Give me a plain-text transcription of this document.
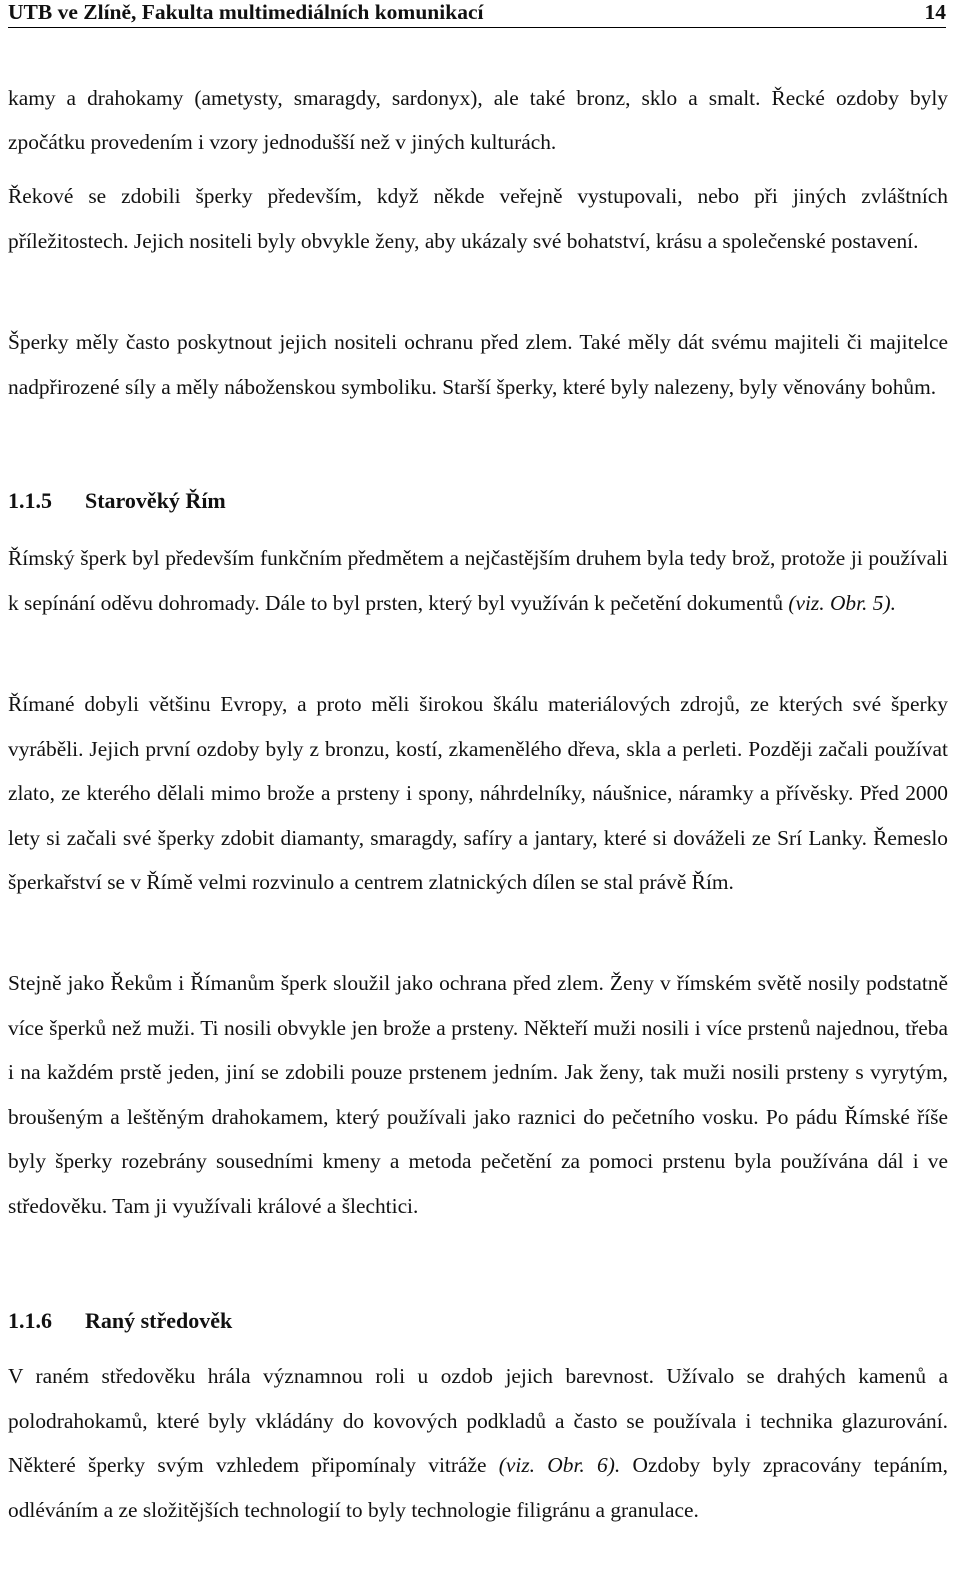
UTB ve Zlíně, Fakulta multimediálních komunikací	14

kamy a drahokamy (ametysty, smaragdy, sardonyx), ale také bronz, sklo a smalt. Řecké ozdoby byly zpočátku provedením i vzory jednodušší než v jiných kulturách.

Řekové se zdobili šperky především, když někde veřejně vystupovali, nebo při jiných zvláštních příležitostech. Jejich nositeli byly obvykle ženy, aby ukázaly své bohatství, krásu a společenské postavení.

Šperky měly často poskytnout jejich nositeli ochranu před zlem. Také měly dát svému majiteli či majitelce nadpřirozené síly a měly náboženskou symboliku. Starší šperky, které byly nalezeny, byly věnovány bohům.

1.1.5 Starověký Řím

Římský šperk byl především funkčním předmětem a nejčastějším druhem byla tedy brož, protože ji používali k sepínání oděvu dohromady. Dále to byl prsten, který byl využíván k pečetění dokumentů (viz. Obr. 5).

Římané dobyli většinu Evropy, a proto měli širokou škálu materiálových zdrojů, ze kterých své šperky vyráběli. Jejich první ozdoby byly z bronzu, kostí, zkamenělého dřeva, skla a perleti. Později začali používat zlato, ze kterého dělali mimo brože a prsteny i spony, náhrdelníky, náušnice, náramky a přívěsky. Před 2000 lety si začali své šperky zdobit diamanty, smaragdy, safíry a jantary, které si dováželi ze Srí Lanky. Řemeslo šperkařství se v Římě velmi rozvinulo a centrem zlatnických dílen se stal právě Řím.

Stejně jako Řekům i Římanům šperk sloužil jako ochrana před zlem. Ženy v římském světě nosily podstatně více šperků než muži. Ti nosili obvykle jen brože a prsteny. Někteří muži nosili i více prstenů najednou, třeba i na každém prstě jeden, jiní se zdobili pouze prstenem jedním. Jak ženy, tak muži nosili prsteny s vyrytým, broušeným a leštěným drahokamem, který používali jako raznici do pečetního vosku. Po pádu Římské říše byly šperky rozebrány sousedními kmeny a metoda pečetění za pomoci prstenu byla používána dál i ve středověku. Tam ji využívali králové a šlechtici.

1.1.6 Raný středověk

V raném středověku hrála významnou roli u ozdob jejich barevnost. Užívalo se drahých kamenů a polodrahokamů, které byly vkládány do kovových podkladů a často se používala i technika glazurování. Některé šperky svým vzhledem připomínaly vitráže (viz. Obr. 6). Ozdoby byly zpracovány tepáním, odléváním a ze složitějších technologií to byly technologie filigránu a granulace.
